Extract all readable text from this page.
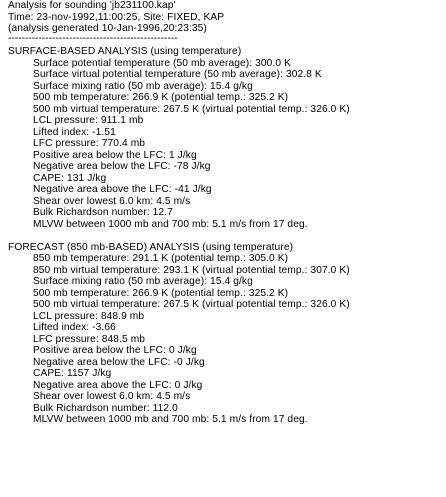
Analysis for sounding 'jb231100.kap'
Time: 23-nov-1992,11:00:25, Site: FIXED, KAP
(analysis generated 10-Jan-1996,20:23:35)
--------------------------------------------------
SURFACE-BASED ANALYSIS (using temperature)
Surface potential temperature (50 mb average): 300.0 K
Surface virtual potential temperature (50 mb average): 302.8 K
Surface mixing ratio (50 mb average): 15.4 g/kg
500 mb temperature: 266.9 K (potential temp.: 325.2 K)
500 mb virtual temperature: 267.5 K (virtual potential temp.: 326.0 K)
LCL pressure: 911.1 mb
Lifted index: -1.51
LFC pressure: 770.4 mb
Positive area below the LFC: 1 J/kg
Negative area below the LFC: -78 J/kg
CAPE: 131 J/kg
Negative area above the LFC: -41 J/kg
Shear over lowest 6.0 km: 4.5 m/s
Bulk Richardson number: 12.7
MLVW between 1000 mb and 700 mb: 5.1 m/s from 17 deg.
FORECAST (850 mb-BASED) ANALYSIS (using temperature)
850 mb temperature: 291.1 K (potential temp.: 305.0 K)
850 mb virtual temperature: 293.1 K (virtual potential temp.: 307.0 K)
Surface mixing ratio (50 mb average): 15.4 g/kg
500 mb temperature: 266.9 K (potential temp.: 325.2 K)
500 mb virtual temperature: 267.5 K (virtual potential temp.: 326.0 K)
LCL pressure: 848.9 mb
Lifted index: -3.66
LFC pressure: 848.5 mb
Positive area below the LFC: 0 J/kg
Negative area below the LFC: -0 J/kg
CAPE: 1157 J/kg
Negative area above the LFC: 0 J/kg
Shear over lowest 6.0 km: 4.5 m/s
Bulk Richardson number: 112.0
MLVW between 1000 mb and 700 mb: 5.1 m/s from 17 deg.
